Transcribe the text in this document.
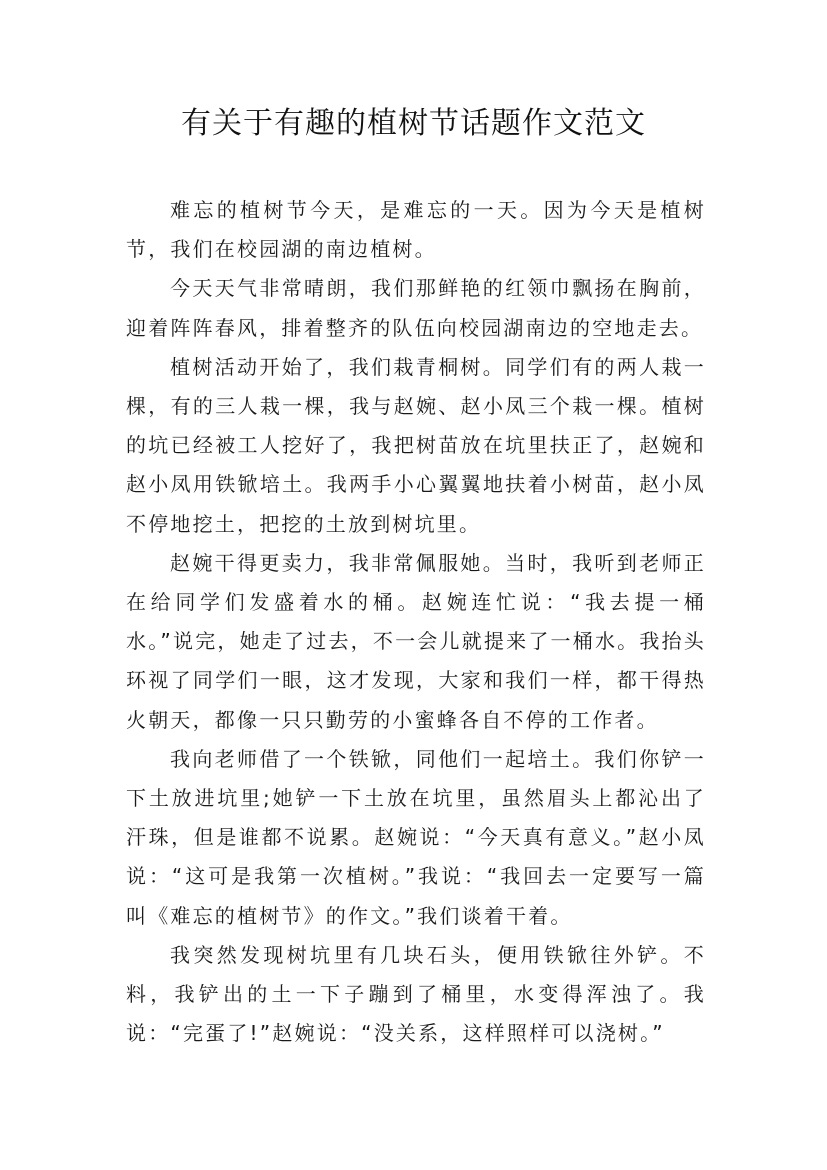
有关于有趣的植树节话题作文范文

难忘的植树节今天，是难忘的一天。因为今天是植树节，我们在校园湖的南边植树。

今天天气非常晴朗，我们那鲜艳的红领巾飘扬在胸前，迎着阵阵春风，排着整齐的队伍向校园湖南边的空地走去。

植树活动开始了，我们栽青桐树。同学们有的两人栽一棵，有的三人栽一棵，我与赵婉、赵小凤三个栽一棵。植树的坑已经被工人挖好了，我把树苗放在坑里扶正了，赵婉和赵小凤用铁锨培土。我两手小心翼翼地扶着小树苗，赵小凤不停地挖土，把挖的土放到树坑里。

赵婉干得更卖力，我非常佩服她。当时，我听到老师正在给同学们发盛着水的桶。赵婉连忙说：“我去提一桶水。”说完，她走了过去，不一会儿就提来了一桶水。我抬头环视了同学们一眼，这才发现，大家和我们一样，都干得热火朝天，都像一只只勤劳的小蜜蜂各自不停的工作者。

我向老师借了一个铁锨，同他们一起培土。我们你铲一下土放进坑里;她铲一下土放在坑里，虽然眉头上都沁出了汗珠，但是谁都不说累。赵婉说：“今天真有意义。”赵小凤说：“这可是我第一次植树。”我说：“我回去一定要写一篇叫《难忘的植树节》的作文。”我们谈着干着。

我突然发现树坑里有几块石头，便用铁锨往外铲。不料，我铲出的土一下子蹦到了桶里，水变得浑浊了。我说：“完蛋了!”赵婉说：“没关系，这样照样可以浇树。”
